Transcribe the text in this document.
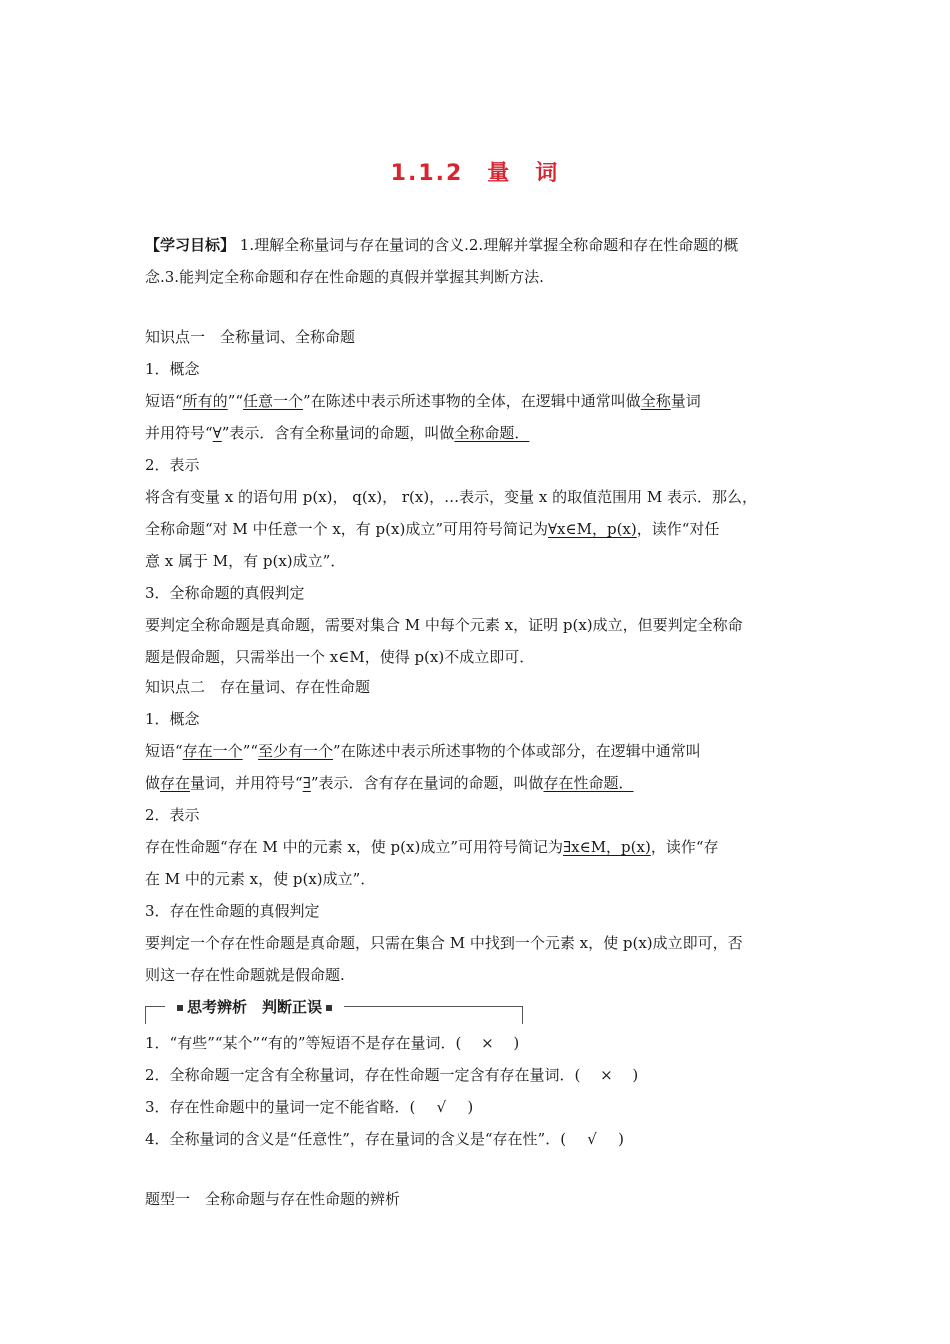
1.1.2　量　词
【学习目标】 1.理解全称量词与存在量词的含义.2.理解并掌握全称命题和存在性命题的概
念.3.能判定全称命题和存在性命题的真假并掌握其判断方法.
知识点一　全称量词、全称命题
1．概念
短语“所有的”“任意一个”在陈述中表示所述事物的全体，在逻辑中通常叫做全称量词
并用符号“∀”表示．含有全称量词的命题，叫做全称命题．
2．表示
将含有变量 x 的语句用 p(x)， q(x)， r(x)，…表示，变量 x 的取值范围用 M 表示．那么，
全称命题“对 M 中任意一个 x，有 p(x)成立”可用符号简记为∀x∈M，p(x)，读作“对任
意 x 属于 M，有 p(x)成立”．
3．全称命题的真假判定
要判定全称命题是真命题，需要对集合 M 中每个元素 x，证明 p(x)成立，但要判定全称命
题是假命题，只需举出一个 x∈M，使得 p(x)不成立即可．
知识点二　存在量词、存在性命题
1．概念
短语“存在一个”“至少有一个”在陈述中表示所述事物的个体或部分，在逻辑中通常叫
做存在量词，并用符号“∃”表示．含有存在量词的命题，叫做存在性命题．
2．表示
存在性命题“存在 M 中的元素 x，使 p(x)成立”可用符号简记为∃x∈M，p(x)，读作“存
在 M 中的元素 x，使 p(x)成立”．
3．存在性命题的真假判定
要判定一个存在性命题是真命题，只需在集合 M 中找到一个元素 x，使 p(x)成立即可，否
则这一存在性命题就是假命题.
思考辨析　判断正误
1．“有些”“某个”“有的”等短语不是存在量词．( × )
2．全称命题一定含有全称量词，存在性命题一定含有存在量词．( × )
3．存在性命题中的量词一定不能省略．( √ )
4．全称量词的含义是“任意性”，存在量词的含义是“存在性”．( √ )
题型一　全称命题与存在性命题的辨析
